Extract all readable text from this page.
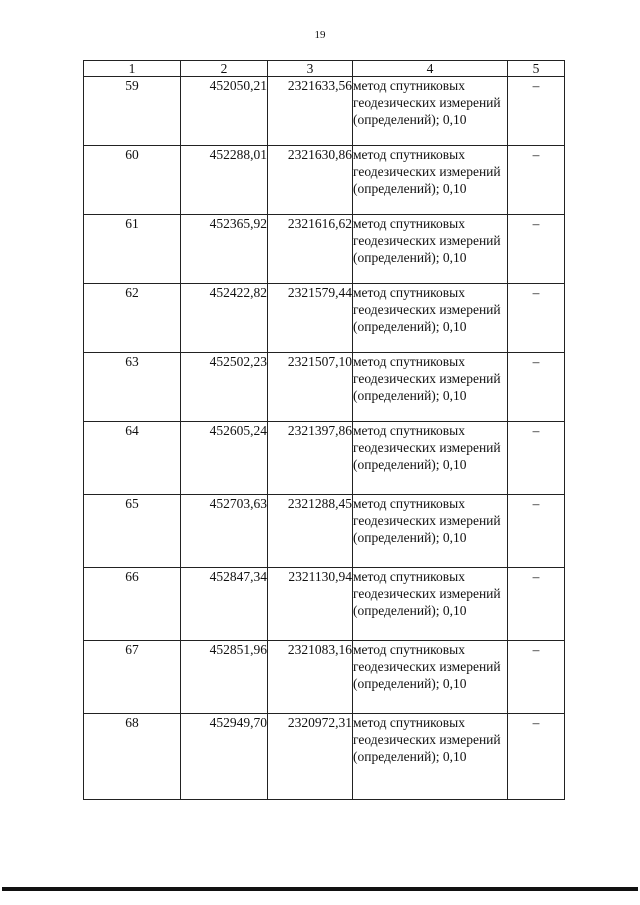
19
1	2	3	4	5
59	452050,21	2321633,56	метод спутниковых геодезических измерений (определений); 0,10	–
60	452288,01	2321630,86	метод спутниковых геодезических измерений (определений); 0,10	–
61	452365,92	2321616,62	метод спутниковых геодезических измерений (определений); 0,10	–
62	452422,82	2321579,44	метод спутниковых геодезических измерений (определений); 0,10	–
63	452502,23	2321507,10	метод спутниковых геодезических измерений (определений); 0,10	–
64	452605,24	2321397,86	метод спутниковых геодезических измерений (определений); 0,10	–
65	452703,63	2321288,45	метод спутниковых геодезических измерений (определений); 0,10	–
66	452847,34	2321130,94	метод спутниковых геодезических измерений (определений); 0,10	–
67	452851,96	2321083,16	метод спутниковых геодезических измерений (определений); 0,10	–
68	452949,70	2320972,31	метод спутниковых геодезических измерений (определений); 0,10	–
